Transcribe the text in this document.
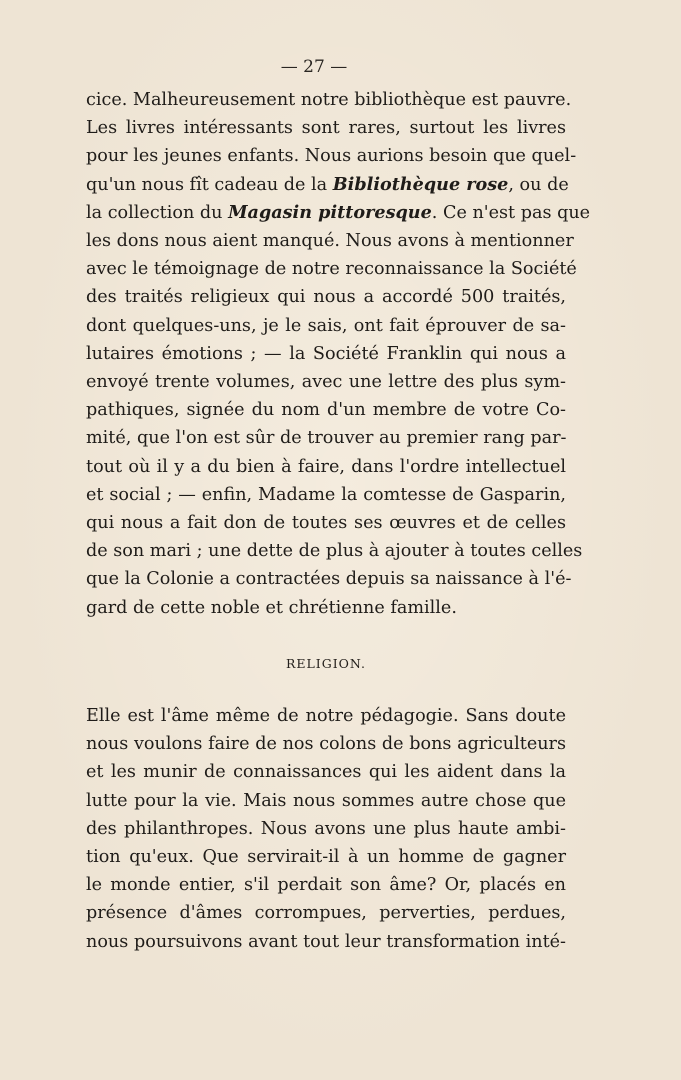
— 27 —
cice. Malheureusement notre bibliothèque est pauvre.
Les livres intéressants sont rares, surtout les livres
pour les jeunes enfants. Nous aurions besoin que quel-
qu'un nous fît cadeau de la Bibliothèque rose, ou de
la collection du Magasin pittoresque. Ce n'est pas que
les dons nous aient manqué. Nous avons à mentionner
avec le témoignage de notre reconnaissance la Société
des traités religieux qui nous a accordé 500 traités,
dont quelques-uns, je le sais, ont fait éprouver de sa-
lutaires émotions ; — la Société Franklin qui nous a
envoyé trente volumes, avec une lettre des plus sym-
pathiques, signée du nom d'un membre de votre Co-
mité, que l'on est sûr de trouver au premier rang par-
tout où il y a du bien à faire, dans l'ordre intellectuel
et social ; — enfin, Madame la comtesse de Gasparin,
qui nous a fait don de toutes ses œuvres et de celles
de son mari ; une dette de plus à ajouter à toutes celles
que la Colonie a contractées depuis sa naissance à l'é-
gard de cette noble et chrétienne famille.
RELIGION.
Elle est l'âme même de notre pédagogie. Sans doute
nous voulons faire de nos colons de bons agriculteurs
et les munir de connaissances qui les aident dans la
lutte pour la vie. Mais nous sommes autre chose que
des philanthropes. Nous avons une plus haute ambi-
tion qu'eux. Que servirait-il à un homme de gagner
le monde entier, s'il perdait son âme? Or, placés en
présence d'âmes corrompues, perverties, perdues,
nous poursuivons avant tout leur transformation inté-
